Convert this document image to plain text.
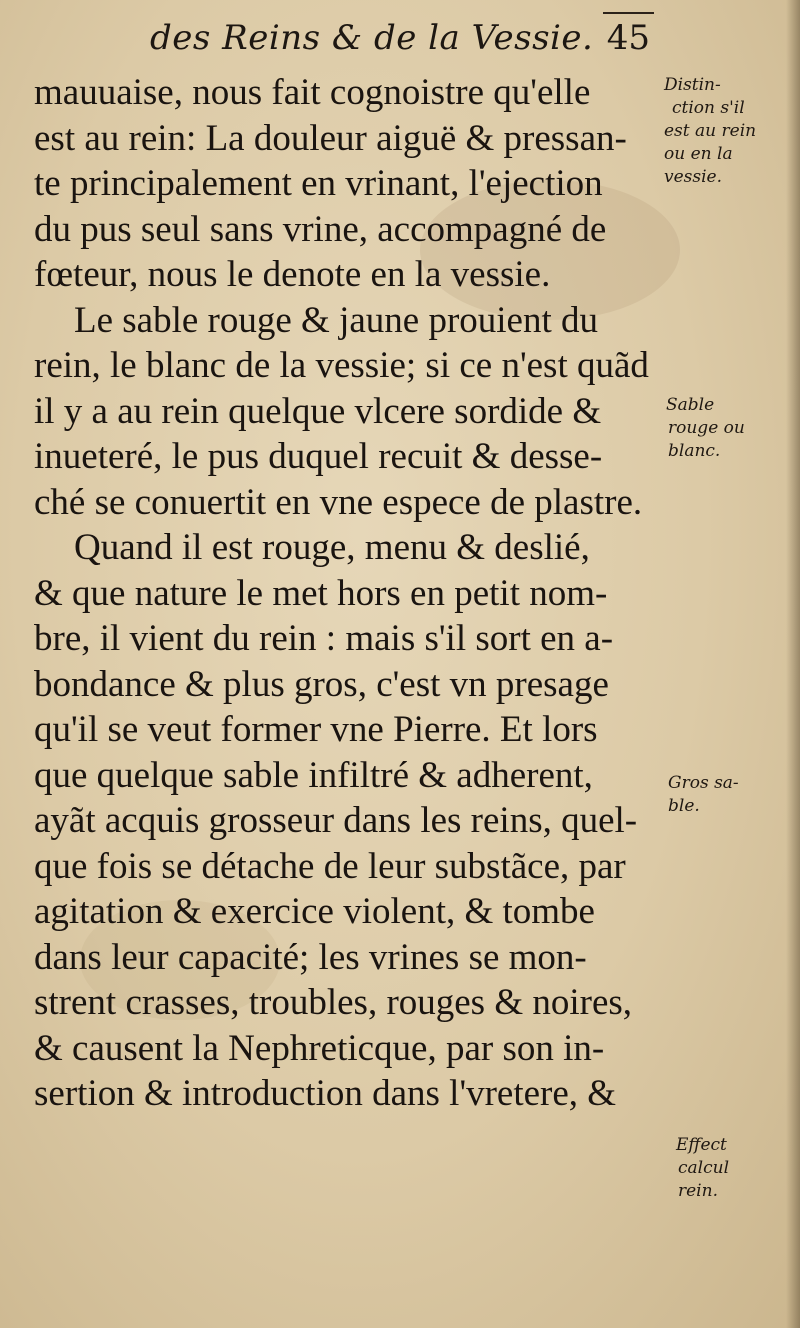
des Reins & de la Vessie. 45
mauuaise, nous fait cognoistre qu'elle
est au rein: La douleur aiguë & pressan-
te principalement en vrinant, l'ejection
du pus seul sans vrine, accompagné de
fœteur, nous le denote en la vessie.
Le sable rouge & jaune prouient du
rein, le blanc de la vessie; si ce n'est quãd
il y a au rein quelque vlcere sordide &
inueteré, le pus duquel recuit & desse-
ché se conuertit en vne espece de plastre.
Quand il est rouge, menu & deslié,
& que nature le met hors en petit nom-
bre, il vient du rein : mais s'il sort en a-
bondance & plus gros, c'est vn presage
qu'il se veut former vne Pierre. Et lors
que quelque sable infiltré & adherent,
ayãt acquis grosseur dans les reins, quel-
que fois se détache de leur substãce, par
agitation & exercice violent, & tombe
dans leur capacité; les vrines se mon-
strent crasses, troubles, rouges & noires,
& causent la Nephreticque, par son in-
sertion & introduction dans l'vretere, &
Distin-
ction s'il
est au rein
ou en la
vessie.
Sable
rouge ou
blanc.
Gros sa-
ble.
Effect
calcul
rein.
